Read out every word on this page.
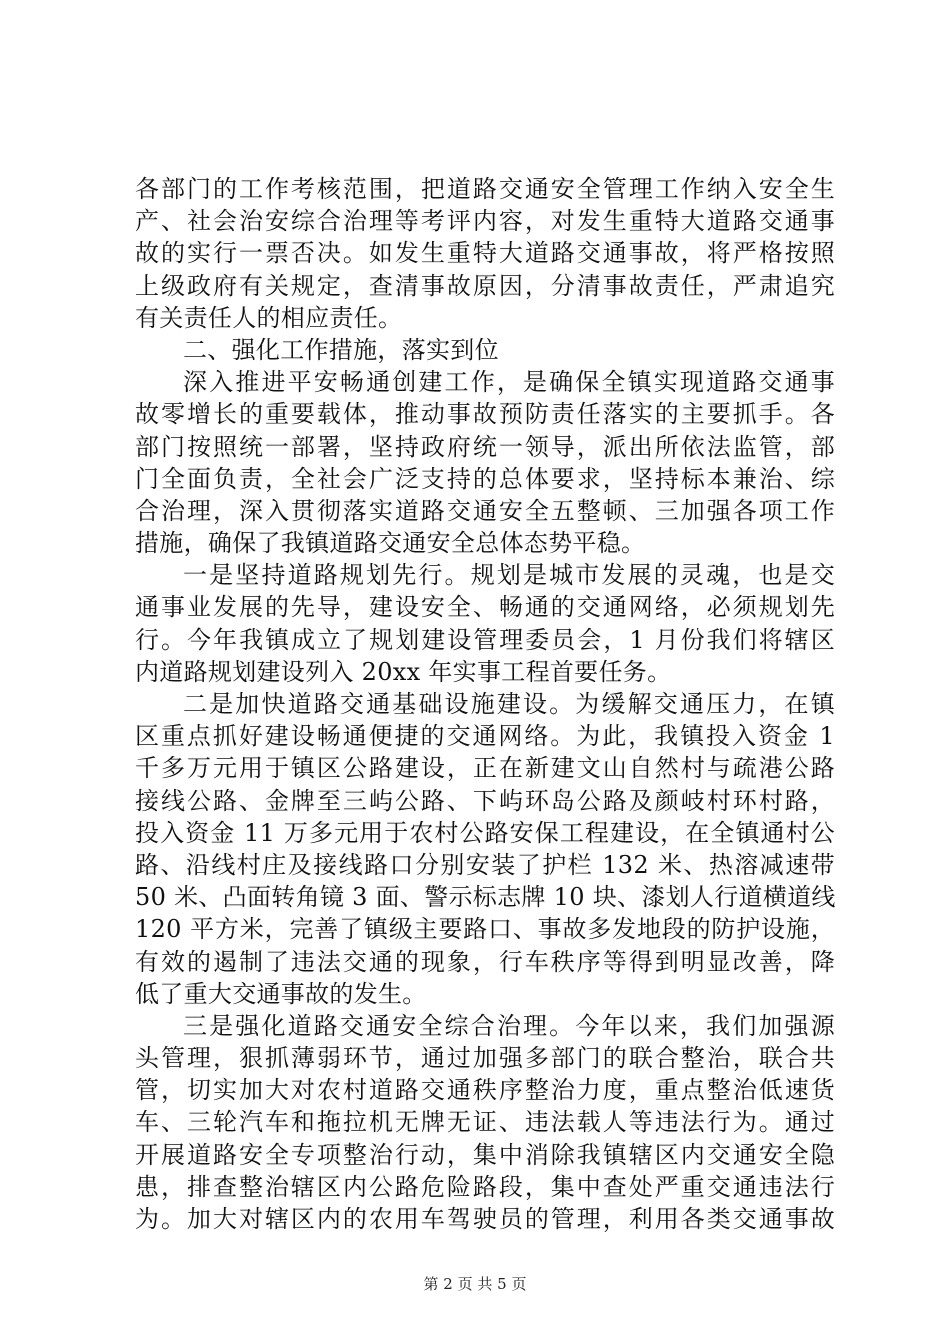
各部门的工作考核范围，把道路交通安全管理工作纳入安全生
产、社会治安综合治理等考评内容，对发生重特大道路交通事
故的实行一票否决。如发生重特大道路交通事故，将严格按照
上级政府有关规定，查清事故原因，分清事故责任，严肃追究
有关责任人的相应责任。
二、强化工作措施，落实到位
深入推进平安畅通创建工作，是确保全镇实现道路交通事
故零增长的重要载体，推动事故预防责任落实的主要抓手。各
部门按照统一部署，坚持政府统一领导，派出所依法监管，部
门全面负责，全社会广泛支持的总体要求，坚持标本兼治、综
合治理，深入贯彻落实道路交通安全五整顿、三加强各项工作
措施，确保了我镇道路交通安全总体态势平稳。
一是坚持道路规划先行。规划是城市发展的灵魂，也是交
通事业发展的先导，建设安全、畅通的交通网络，必须规划先
行。今年我镇成立了规划建设管理委员会，1 月份我们将辖区
内道路规划建设列入 20xx 年实事工程首要任务。
二是加快道路交通基础设施建设。为缓解交通压力，在镇
区重点抓好建设畅通便捷的交通网络。为此，我镇投入资金 1
千多万元用于镇区公路建设，正在新建文山自然村与疏港公路
接线公路、金牌至三屿公路、下屿环岛公路及颜岐村环村路，
投入资金 11 万多元用于农村公路安保工程建设，在全镇通村公
路、沿线村庄及接线路口分别安装了护栏 132 米、热溶减速带
50 米、凸面转角镜 3 面、警示标志牌 10 块、漆划人行道横道线
120 平方米，完善了镇级主要路口、事故多发地段的防护设施，
有效的遏制了违法交通的现象，行车秩序等得到明显改善，降
低了重大交通事故的发生。
三是强化道路交通安全综合治理。今年以来，我们加强源
头管理，狠抓薄弱环节，通过加强多部门的联合整治，联合共
管，切实加大对农村道路交通秩序整治力度，重点整治低速货
车、三轮汽车和拖拉机无牌无证、违法载人等违法行为。通过
开展道路安全专项整治行动，集中消除我镇辖区内交通安全隐
患，排查整治辖区内公路危险路段，集中查处严重交通违法行
为。加大对辖区内的农用车驾驶员的管理，利用各类交通事故
第 2 页 共 5 页
